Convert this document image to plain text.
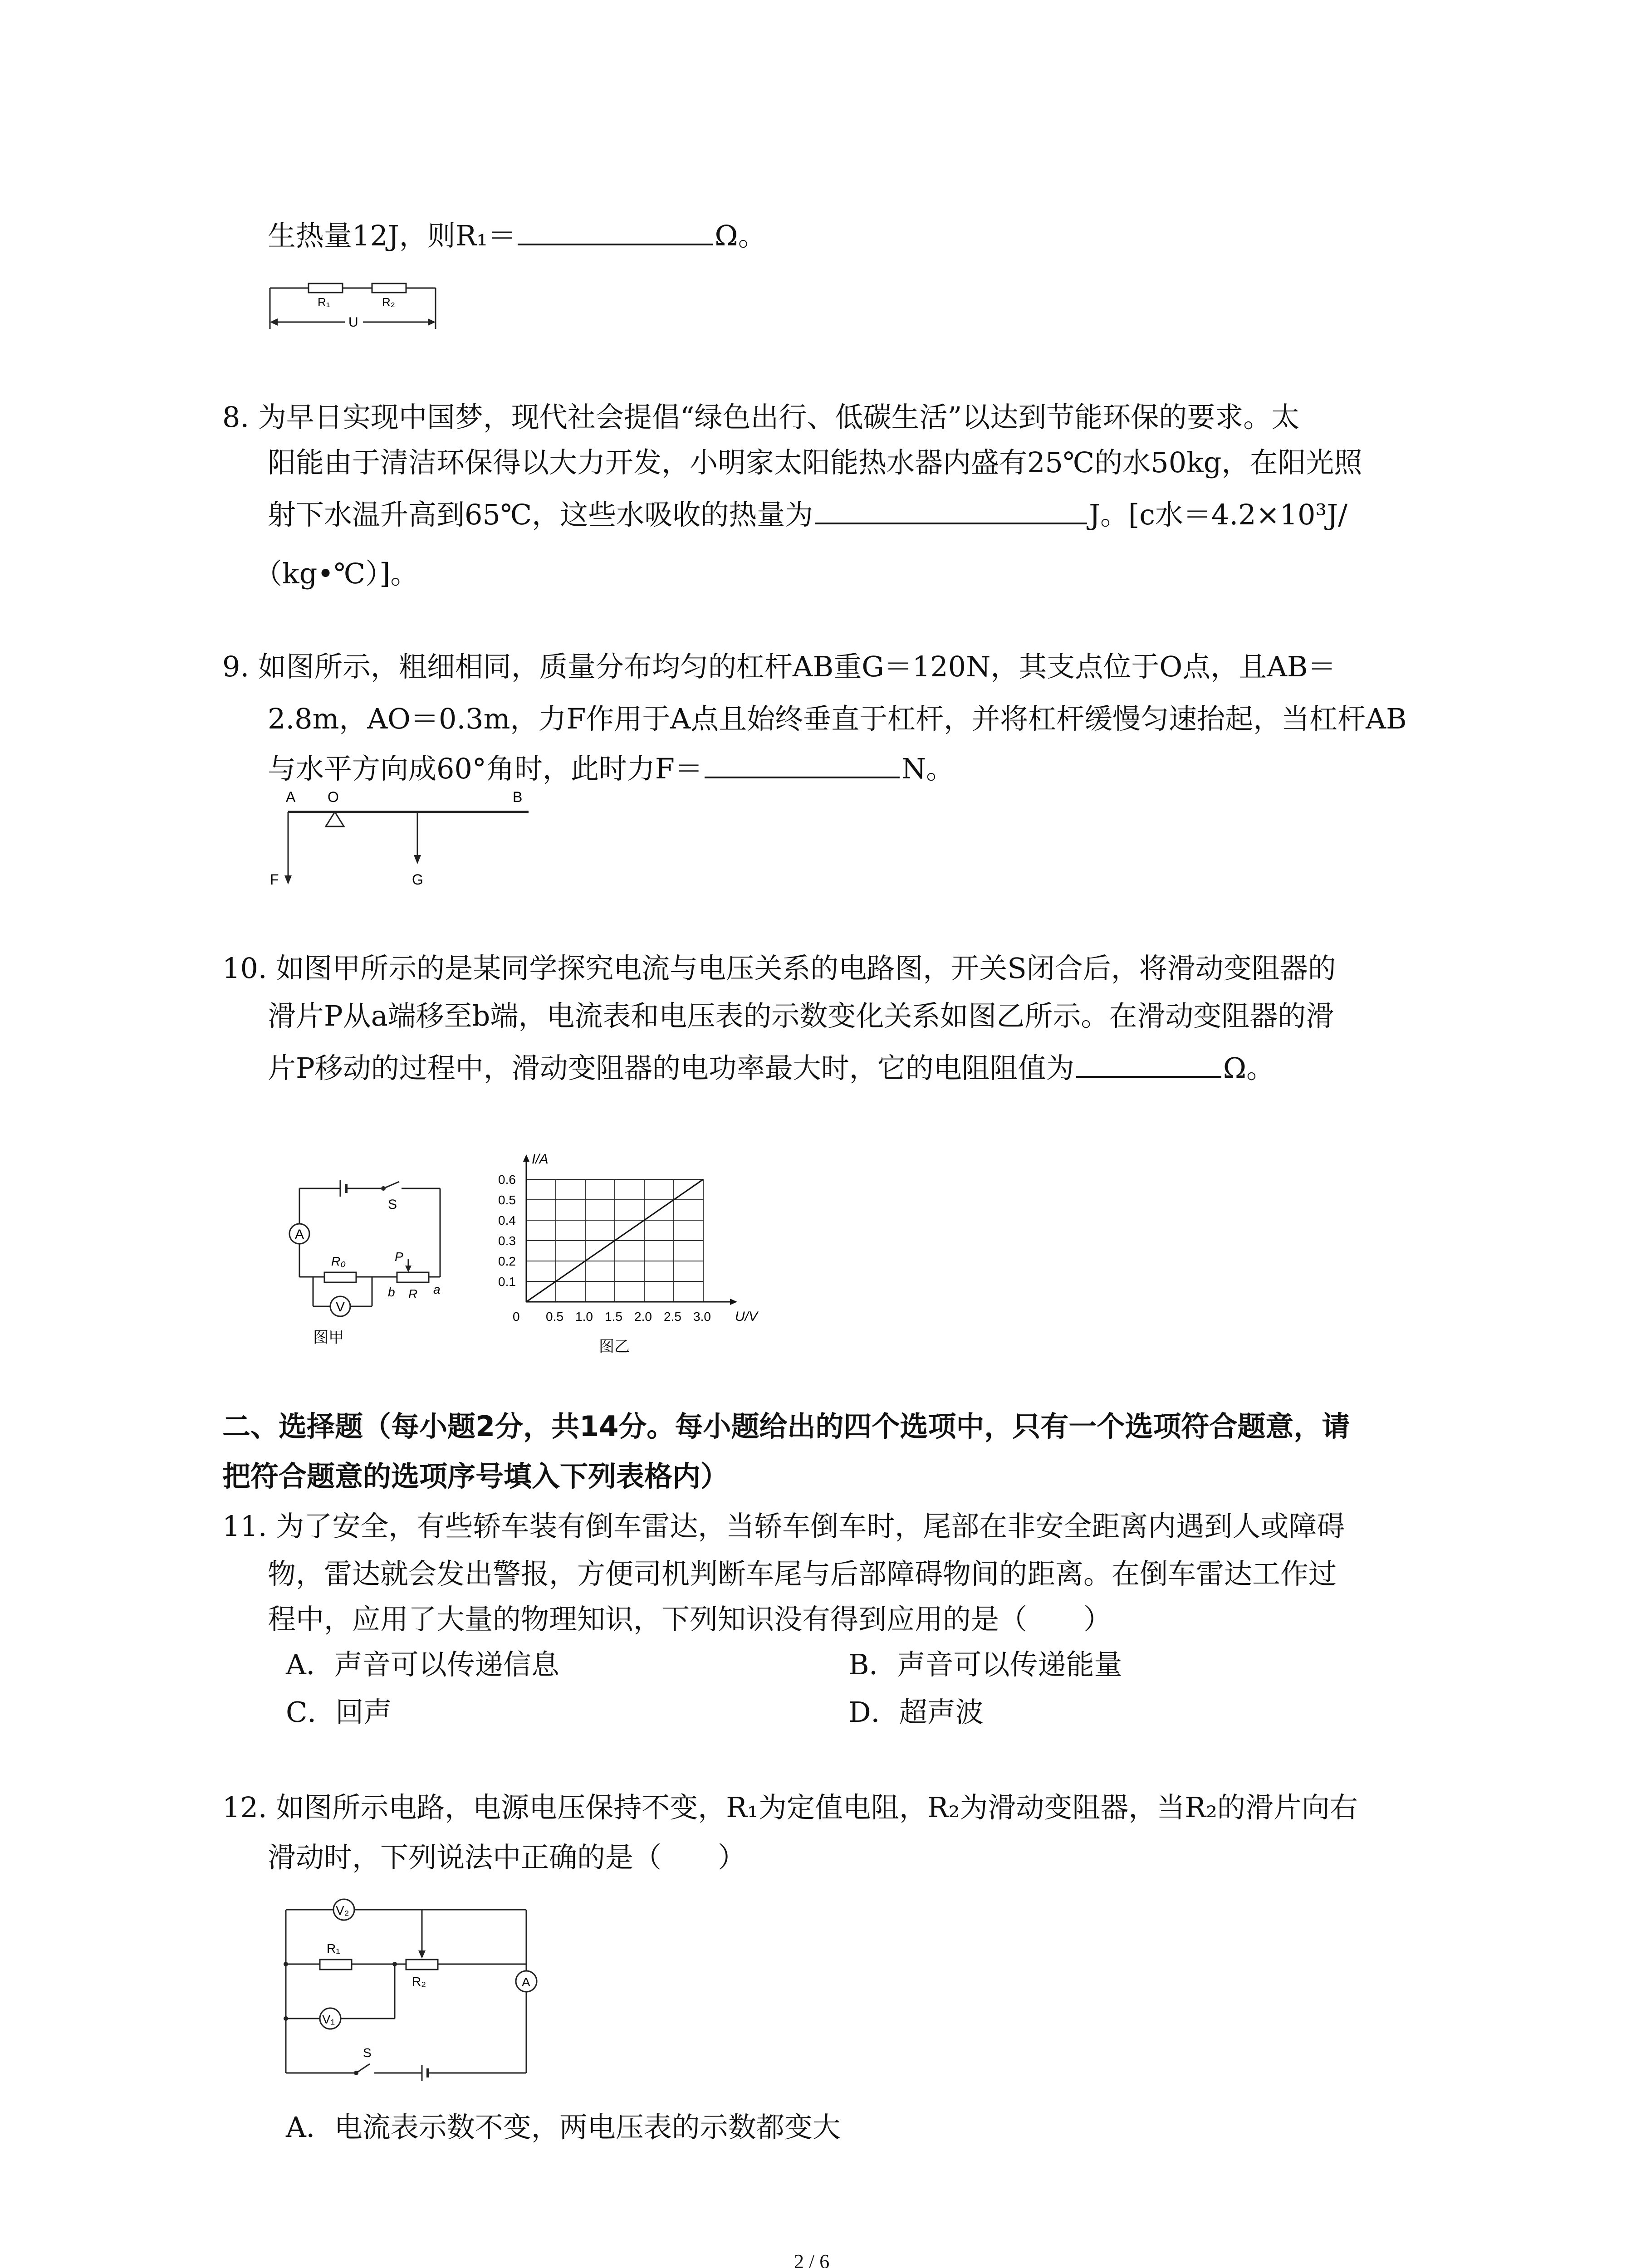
生热量12J，则R₁＝	Ω。
R₁	R₂
U
8. 为早日实现中国梦，现代社会提倡“绿色出行、低碳生活”以达到节能环保的要求。太
阳能由于清洁环保得以大力开发，小明家太阳能热水器内盛有25℃的水50kg，在阳光照
射下水温升高到65℃，这些水吸收的热量为	J。[c水＝4.2×10³J/
（kg•℃）]。
9. 如图所示，粗细相同，质量分布均匀的杠杆AB重G＝120N，其支点位于O点，且AB＝
2.8m，AO＝0.3m，力F作用于A点且始终垂直于杠杆，并将杠杆缓慢匀速抬起，当杠杆AB
与水平方向成60°角时，此时力F＝	N。
A O	B
F	G
10. 如图甲所示的是某同学探究电流与电压关系的电路图，开关S闭合后，将滑动变阻器的
滑片P从a端移至b端，电流表和电压表的示数变化关系如图乙所示。在滑动变阻器的滑
片P移动的过程中，滑动变阻器的电功率最大时，它的电阻阻值为	Ω。
S
A
R₀	P
b R a
V
图甲
0 0.5 1.0 1.5 2.0 2.5 3.0
0.1
0.2
0.3
0.4
0.5
0.6
U/V
I/A
图乙
二、选择题（每小题2分，共14分。每小题给出的四个选项中，只有一个选项符合题意，请
把符合题意的选项序号填入下列表格内）
11. 为了安全，有些轿车装有倒车雷达，当轿车倒车时，尾部在非安全距离内遇到人或障碍
物，雷达就会发出警报，方便司机判断车尾与后部障碍物间的距离。在倒车雷达工作过
程中，应用了大量的物理知识，下列知识没有得到应用的是（　　）
A．声音可以传递信息	B．声音可以传递能量
C．回声	D．超声波
12. 如图所示电路，电源电压保持不变，R₁为定值电阻，R₂为滑动变阻器，当R₂的滑片向右
滑动时，下列说法中正确的是（　　）
V₂
R₁
R₂
V₁
A
S
A．电流表示数不变，两电压表的示数都变大
2 / 6
